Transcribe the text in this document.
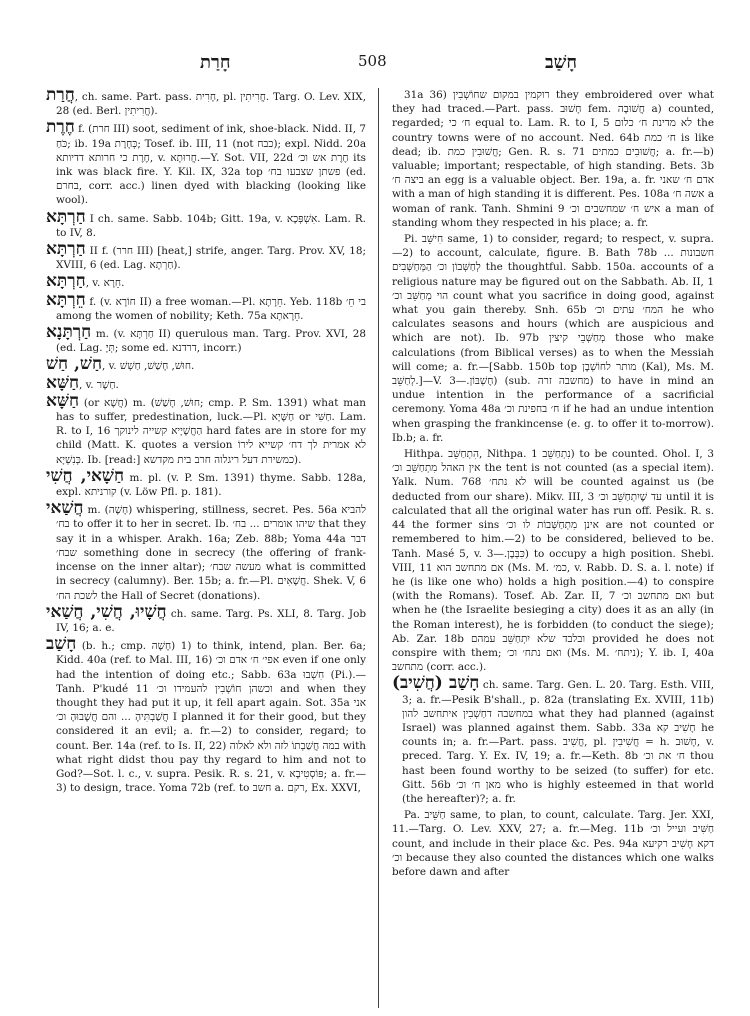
חָרַת	508	חָשַׁב
חֲרַת, ch. same. Part. pass. חָרִית, pl. חֲרִיתִין. Targ. O. Lev. XIX, 28 (ed. Berl. חֲרִיתִין).
חֶרֶת f. (חרת III) soot, sediment of ink, shoe-black. Nidd. II, 7 כֹּחַ; ib. 19a כְּחָרֶת; Tosef. ib. III, 11 (not כבח); expl. Nidd. 20a חֶרֶת כי חרותא דדיותא, v. חֲרוּתָא.—Y. Sot. VII, 22d חֶרֶת אש וכ׳ its ink was black fire. Y. Kil. IX, 32a top פשתן שצבעו בח׳ (ed. בחרם, corr. acc.) linen dyed with blacking (looking like wool).
חַרְתָּא I ch. same. Sabb. 104b; Gitt. 19a, v. אִשְׁפְּכָא. Lam. R. to IV, 8.
חַרְתָּא II f. (חרר III) [heat,] strife, anger. Targ. Prov. XV, 18; XVIII, 6 (ed. Lag. חַרְתָא).
חַרְתָּא, v. חֵרָא.
חֵרְתָּא f. (v. חוֹרָא II) a free woman.—Pl. חֵרָתָא. Yeb. 118b בי חֵ׳ among the women of nobility; Keth. 75a חֵרָאתָא.
חַרְתָּנָא m. (v. חַרְתָּא II) querulous man. Targ. Prov. XVI, 28 (ed. Lag. תְּיָ; some ed. דרדנא, incorr.)
חַשׁ, חַשׁ, v. חוּשׁ, חָשַׁשׁ, חַשְׁשׁ.
חַשָּׁא, v. חַשָׁר.
חַשָּׁא (or חֲשָׁא) m. (חוּשׁ, חָשַׁשׁ; cmp. P. Sm. 1391) what man has to suffer, predestination, luck.—Pl. חַשָּׁיָא or חַשִּׁי. Lam. R. to I, 16 הַחֲשָׁיָיא קשייה לינוקך hard fates are in store for my child (Matt. K. quotes a version לא אמרית לך דח׳ קשייא לירוֹ כְּנִשְׁיָא. Ib. [read:] כמשירת דעל ריגלוה חרב בית מקדשא).
חַשָׁאי, חֲשִׁי m. pl. (v. P. Sm. 1391) thyme. Sabb. 128a, expl. קורניתא (v. Löw Pfl. p. 181).
חֲשַׁאי m. (חָשָׁה) whispering, stillness, secret. Pes. 56a להביא בח׳ to offer it to her in secret. Ib. שיהו אומרים ... בח׳ that they say it in a whisper. Arakh. 16a; Zeb. 88b; Yoma 44a דבר שבח׳ something done in secrecy (the offering of frank-incense on the inner altar); מעשה שבח׳ what is committed in secrecy (calumny). Ber. 15b; a. fr.—Pl. חֲשָׁאִים. Shek. V, 6 לשכת הח׳ the Hall of Secret (donations).
חֲשָׁיוּ, חֲשִׁי, חֲשַׁאי ch. same. Targ. Ps. XLI, 8. Targ. Job IV, 16; a. e.
חָשַׁב (b. h.; cmp. חָשָׁה) 1) to think, intend, plan. Ber. 6a; Kidd. 40a (ref. to Mal. III, 16) אפי׳ ח׳ אדם וכ׳ even if one only had the intention of doing etc.; Sabb. 63a חִשְׁבוּ (Pi.).—Tanh. P'kudé 11 וכשהן חוֹשְׁבִין להעמידו וכ׳ and when they thought they had put it up, it fell apart again. Sot. 35a אני חֲשַׁבְתִּיהָ ... והם חֲשָׁבוּהָ וכ׳ I planned it for their good, but they considered it an evil; a. fr.—2) to consider, regard; to count. Ber. 14a (ref. to Is. II, 22) במה חֲשַׁבְתוֹ לזה ולא לאלוה with what right didst thou pay thy regard to him and not to God?—Sot. l. c., v. supra. Pesik. R. s. 21, v. פּוֹסְטִיבָא; a. fr.—3) to design, trace. Yoma 72b (ref. to חשב a. רקם, Ex. XXVI,
31a 36) רוקמין במקום שחוֹשְׁבִין they embroidered over what they had traced.—Part. pass. חָשׁוּב fem. חֲשׁוּבָה a) counted, regarded; ח׳ כי equal to. Lam. R. to I, 5 לא מדינת ח׳ כלום the country towns were of no account. Ned. 64b ח׳ כמת is like dead; ib. חֲשׁוּבִין כמת; Gen. R. s. 71 חֲשׁוּבִים כמתים; a. fr.—b) valuable; important; respectable, of high standing. Bets. 3b ביצה ח׳ an egg is a valuable object. Ber. 19a, a. fr. אדם ח׳ שאני with a man of high standing it is different. Pes. 108a אשה ח׳ a woman of rank. Tanh. Shmini 9 איש ח׳ שמחשבים וכ׳ a man of standing whom they respected in his place; a. fr.
Pi. חִישֵּׁב same, 1) to consider, regard; to respect, v. supra.—2) to account, calculate, figure. B. Bath 78b חשבונות ... לְחַשְּׁבוֹן וכ׳ הַמְּחַשְּׁבִים the thoughtful. Sabb. 150a. accounts of a religious nature may be figured out on the Sabbath. Ab. II, 1 הוי מְחַשֵּׁב וכ׳ count what you sacrifice in doing good, against what you gain thereby. Snh. 65b המח׳ עתים וכ׳ he who calculates seasons and hours (which are auspicious and which are not). Ib. 97b מְחַשְּׁבֵי קיצין those who make calculations (from Biblical verses) as to when the Messiah will come; a. fr.—[Sabb. 150b top מותר לחוֹשְׁבָן (Kal), Ms. M. לְחַשֵּׁב.]—V. חֶשְׁבּוֹן.—3) (sub. מחשבה זרה) to have in mind an undue intention in the performance of a sacrificial ceremony. Yoma 48a ח׳ בחפינת וכ׳ if he had an undue intention when grasping the frankincense (e. g. to offer it to-morrow). Ib.b; a. fr.
Hithpa. הִתְחַשֵּׁב, Nithpa. נִתְחַשֵּׁב 1) to be counted. Ohol. I, 3 אין האהל מִתְחַשֵּׁב וכ׳ the tent is not counted (as a special item). Yalk. Num. 768 לא נתח׳ will be counted against us (be deducted from our share). Mikv. III, 3 עד שֶׁיִתְחַשֵּׁב וכ׳ until it is calculated that all the original water has run off. Pesik. R. s. 44 the former sins אינן מִתְחַשְּׁבוֹת לו וכ׳ are not counted or remembered to him.—2) to be considered, believed to be. Tanh. Masé 5, v. כִּבְּבָן.—3) to occupy a high position. Shebi. VIII, 11 אם מתחשב הוא (Ms. M. כמ׳, v. Rabb. D. S. a. l. note) if he (is like one who) holds a high position.—4) to conspire (with the Romans). Tosef. Ab. Zar. II, 7 ואם מתחשב וכ׳ but when he (the Israelite besieging a city) does it as an ally (in the Roman interest), he is forbidden (to conduct the siege); Ab. Zar. 18b ובלבד שלא יִתְחַשֵּׁב עמהם provided he does not conspire with them; ואם נתח׳ וכ׳ (Ms. M. ניתח׳); Y. ib. I, 40a מתחשב (corr. acc.).
חָשַׁב (חֲשִׁיב) ch. same. Targ. Gen. L. 20. Targ. Esth. VIII, 3; a. fr.—Pesik B'shall., p. 82a (translating Ex. XVIII, 11b) במחשבה דחַשְׁבִין איתחשב להון what they had planned (against Israel) was planned against them. Sabb. 33a חָשִׁיב קא he counts in; a. fr.—Part. pass. חֲשִׁיב, pl. חֲשִׁיבִין = h. חָשׁוּב, v. preced. Targ. Y. Ex. IV, 19; a. fr.—Keth. 8b ח׳ את וכ׳ thou hast been found worthy to be seized (to suffer) for etc. Gitt. 56b מאן ח׳ וכ׳ who is highly esteemed in that world (the hereafter)?; a. fr.
Pa. חַשֵּׁיב same, to plan, to count, calculate. Targ. Jer. XXI, 11.—Targ. O. Lev. XXV, 27; a. fr.—Meg. 11b חַשִּׁיב ועייל וכ׳ count, and include in their place &c. Pes. 94a דקא חָשִׁיב רקיעא וכ׳ because they also counted the distances which one walks before dawn and after
